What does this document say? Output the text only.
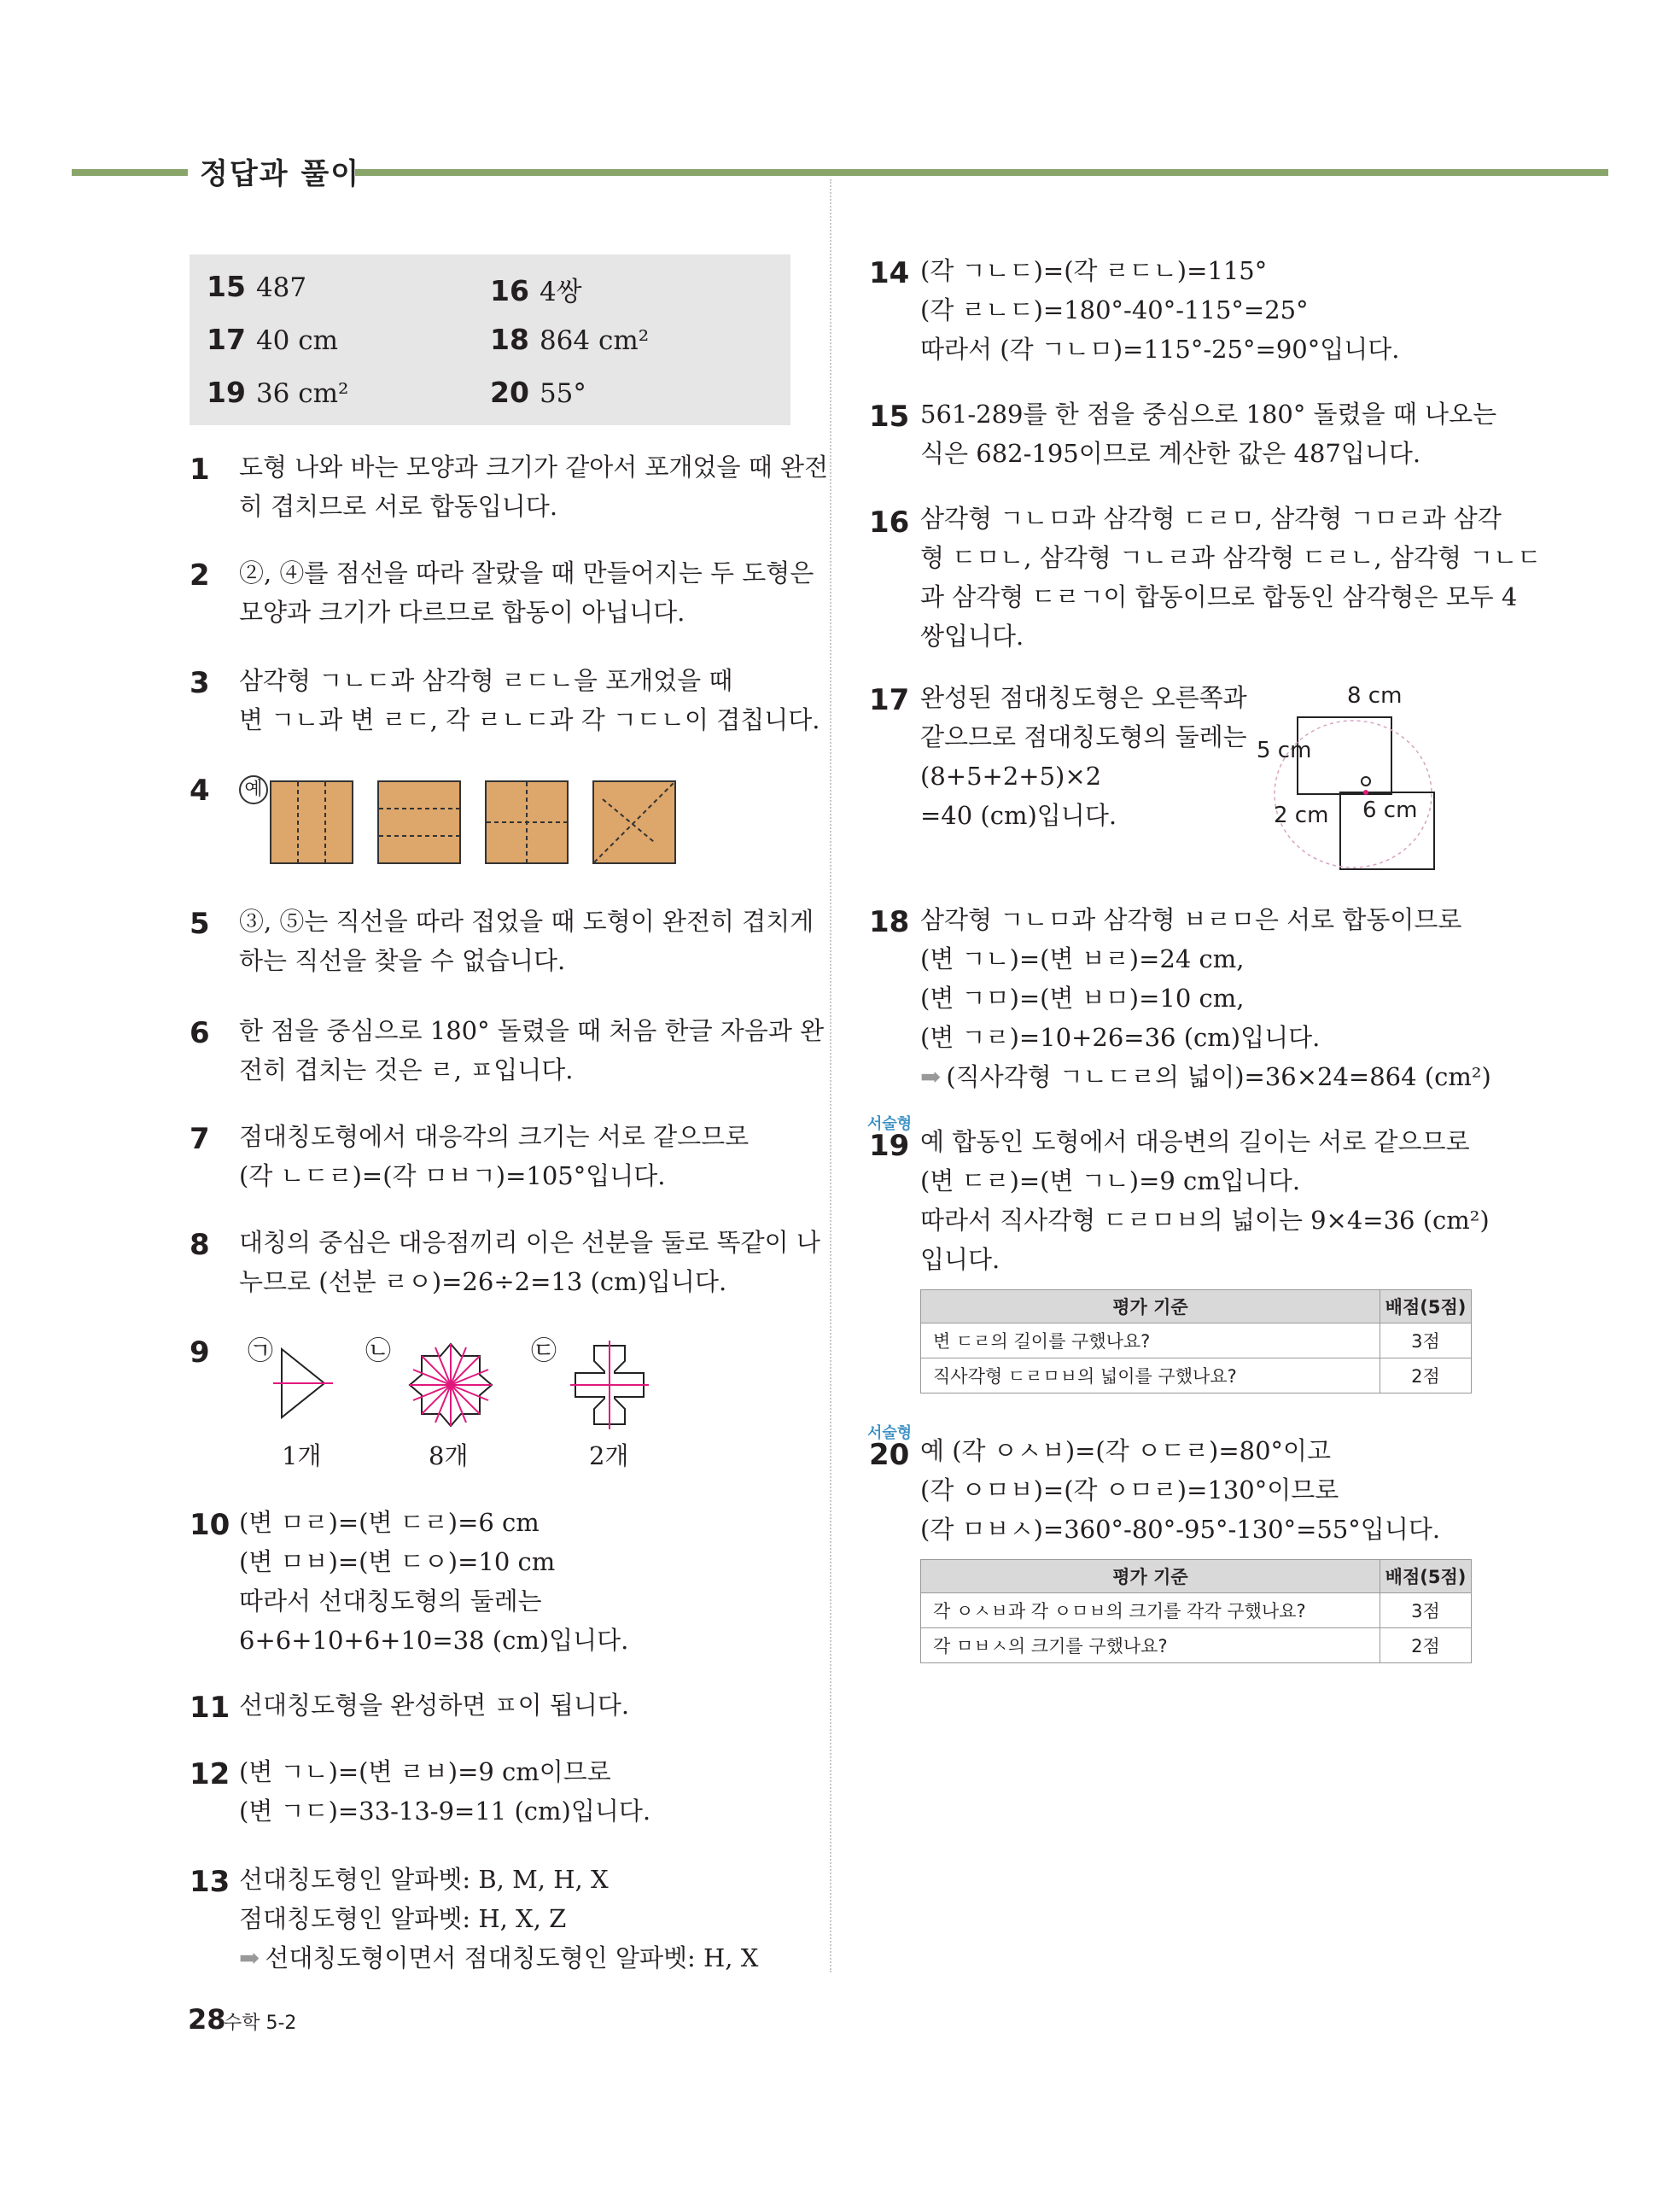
정답과 풀이
15 487	16 4쌍
17 40 cm	18 864 cm²
19 36 cm²	20 55°
1 도형 나와 바는 모양과 크기가 같아서 포개었을 때 완전
히 겹치므로 서로 합동입니다.
2 ②, ④를 점선을 따라 잘랐을 때 만들어지는 두 도형은
모양과 크기가 다르므로 합동이 아닙니다.
3 삼각형 ㄱㄴㄷ과 삼각형 ㄹㄷㄴ을 포개었을 때
변 ㄱㄴ과 변 ㄹㄷ, 각 ㄹㄴㄷ과 각 ㄱㄷㄴ이 겹칩니다.
4 예
5 ③, ⑤는 직선을 따라 접었을 때 도형이 완전히 겹치게
하는 직선을 찾을 수 없습니다.
6 한 점을 중심으로 180° 돌렸을 때 처음 한글 자음과 완
전히 겹치는 것은 ㄹ, ㅍ입니다.
7 점대칭도형에서 대응각의 크기는 서로 같으므로
(각 ㄴㄷㄹ)=(각 ㅁㅂㄱ)=105°입니다.
8 대칭의 중심은 대응점끼리 이은 선분을 둘로 똑같이 나
누므로 (선분 ㄹㅇ)=26÷2=13 (cm)입니다.
9 ㉠	㉡	㉢
1개	8개	2개
10 (변 ㅁㄹ)=(변 ㄷㄹ)=6 cm
(변 ㅁㅂ)=(변 ㄷㅇ)=10 cm
따라서 선대칭도형의 둘레는
6+6+10+6+10=38 (cm)입니다.
11 선대칭도형을 완성하면 ㅍ이 됩니다.
12 (변 ㄱㄴ)=(변 ㄹㅂ)=9 cm이므로
(변 ㄱㄷ)=33-13-9=11 (cm)입니다.
13 선대칭도형인 알파벳: B, M, H, X
점대칭도형인 알파벳: H, X, Z
➡ 선대칭도형이면서 점대칭도형인 알파벳: H, X
14 (각 ㄱㄴㄷ)=(각 ㄹㄷㄴ)=115°
(각 ㄹㄴㄷ)=180°-40°-115°=25°
따라서 (각 ㄱㄴㅁ)=115°-25°=90°입니다.
15 561-289를 한 점을 중심으로 180° 돌렸을 때 나오는
식은 682-195이므로 계산한 값은 487입니다.
16 삼각형 ㄱㄴㅁ과 삼각형 ㄷㄹㅁ, 삼각형 ㄱㅁㄹ과 삼각
형 ㄷㅁㄴ, 삼각형 ㄱㄴㄹ과 삼각형 ㄷㄹㄴ, 삼각형 ㄱㄴㄷ
과 삼각형 ㄷㄹㄱ이 합동이므로 합동인 삼각형은 모두 4
쌍입니다.
17 완성된 점대칭도형은 오른쪽과
같으므로 점대칭도형의 둘레는
(8+5+2+5)×2
=40 (cm)입니다.
8 cm
5 cm
2 cm 6 cm
18 삼각형 ㄱㄴㅁ과 삼각형 ㅂㄹㅁ은 서로 합동이므로
(변 ㄱㄴ)=(변 ㅂㄹ)=24 cm,
(변 ㄱㅁ)=(변 ㅂㅁ)=10 cm,
(변 ㄱㄹ)=10+26=36 (cm)입니다.
➡ (직사각형 ㄱㄴㄷㄹ의 넓이)=36×24=864 (cm²)
서술형
19 예 합동인 도형에서 대응변의 길이는 서로 같으므로
(변 ㄷㄹ)=(변 ㄱㄴ)=9 cm입니다.
따라서 직사각형 ㄷㄹㅁㅂ의 넓이는 9×4=36 (cm²)
입니다.
평가 기준	배점(5점)
변 ㄷㄹ의 길이를 구했나요?	3점
직사각형 ㄷㄹㅁㅂ의 넓이를 구했나요?	2점
서술형
20 예 (각 ㅇㅅㅂ)=(각 ㅇㄷㄹ)=80°이고
(각 ㅇㅁㅂ)=(각 ㅇㅁㄹ)=130°이므로
(각 ㅁㅂㅅ)=360°-80°-95°-130°=55°입니다.
평가 기준	배점(5점)
각 ㅇㅅㅂ과 각 ㅇㅁㅂ의 크기를 각각 구했나요?	3점
각 ㅁㅂㅅ의 크기를 구했나요?	2점
28
수학 5-2
